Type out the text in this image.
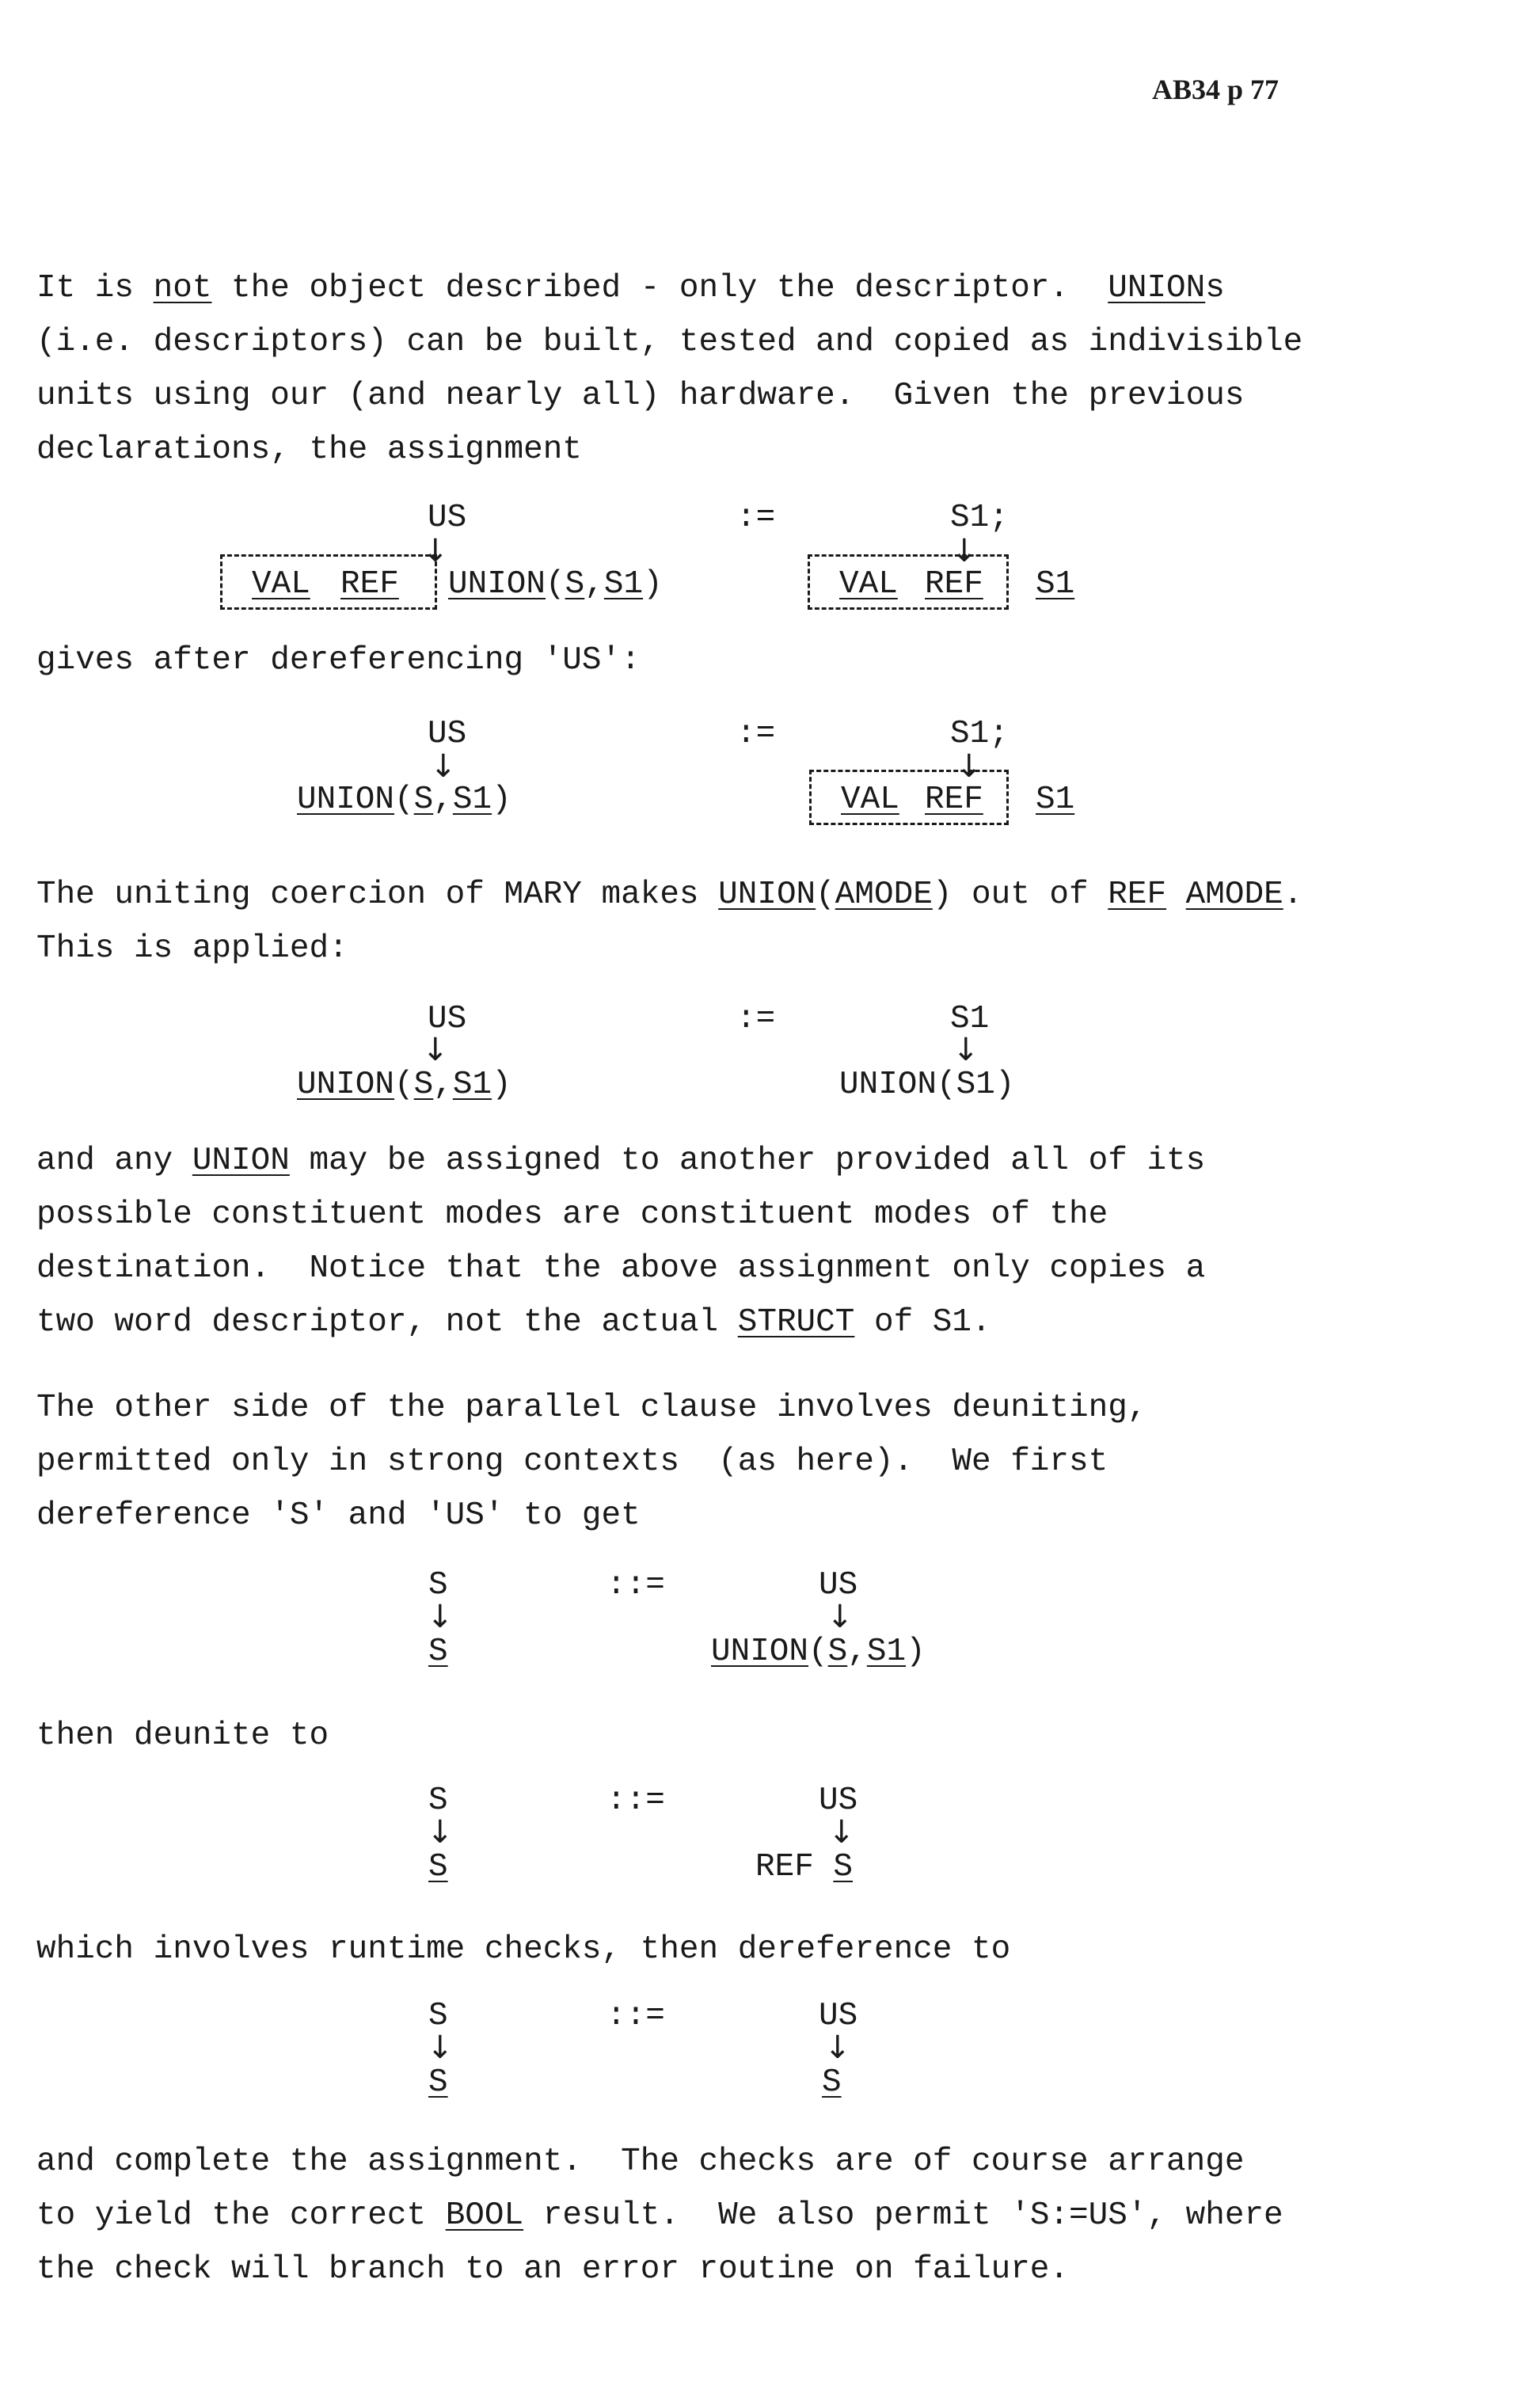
AB34 p 77
It is not the object described - only the descriptor.  UNIONs
(i.e. descriptors) can be built, tested and copied as indivisible
units using our (and nearly all) hardware.  Given the previous
declarations, the assignment
US	:=	S1;
↓	↓
VAL REF UNION(S,S1)	VAL REF S1
gives after dereferencing 'US':
US	:=	S1;
↓	↓
UNION(S,S1)	VAL REF S1
The uniting coercion of MARY makes UNION(AMODE) out of REF AMODE.
This is applied:
US	:=	S1
↓	↓
UNION(S,S1)	UNION(S1)
and any UNION may be assigned to another provided all of its
possible constituent modes are constituent modes of the
destination.  Notice that the above assignment only copies a
two word descriptor, not the actual STRUCT of S1.
The other side of the parallel clause involves deuniting,
permitted only in strong contexts  (as here).  We first
dereference 'S' and 'US' to get
S	::=	US
↓	↓
S	UNION(S,S1)
then deunite to
S	::=	US
↓	↓
S	REF S
which involves runtime checks, then dereference to
S	::=	US
↓	↓
S	S
and complete the assignment.  The checks are of course arrange
to yield the correct BOOL result.  We also permit 'S:=US', where
the check will branch to an error routine on failure.
